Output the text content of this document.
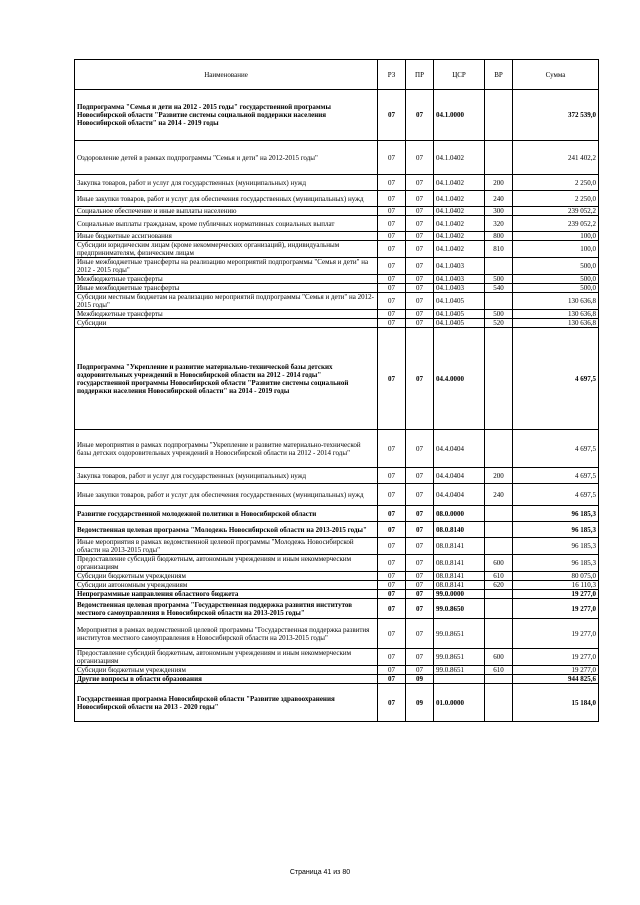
Наименование	РЗ	ПР	ЦСР	ВР	Сумма
Подпрограмма "Семья и дети на 2012 - 2015 годы" государственной программы Новосибирской области "Развитие системы социальной поддержки населения Новосибирской области" на 2014 - 2019 годы	07	07	04.1.0000		372 539,0
Оздоровление детей в рамках подпрограммы "Семья и дети" на 2012-2015 годы"	07	07	04.1.0402		241 402,2
Закупка товаров, работ и услуг для государственных (муниципальных) нужд	07	07	04.1.0402	200	2 250,0
Иные закупки товаров, работ и услуг для обеспечения государственных (муниципальных) нужд	07	07	04.1.0402	240	2 250,0
Социальное обеспечение и иные выплаты населению	07	07	04.1.0402	300	239 052,2
Социальные выплаты гражданам, кроме публичных нормативных социальных выплат	07	07	04.1.0402	320	239 052,2
Иные бюджетные ассигнования	07	07	04.1.0402	800	100,0
Субсидии юридическим лицам (кроме некоммерческих организаций), индивидуальным предпринимателям, физическим лицам	07	07	04.1.0402	810	100,0
Иные межбюджетные трансферты на реализацию мероприятий подпрограммы "Семья и дети" на 2012 - 2015 годы"	07	07	04.1.0403		500,0
Межбюджетные трансферты	07	07	04.1.0403	500	500,0
Иные межбюджетные трансферты	07	07	04.1.0403	540	500,0
Субсидии местным бюджетам на реализацию мероприятий подпрограммы "Семья и дети" на 2012-2015 годы"	07	07	04.1.0405		130 636,8
Межбюджетные трансферты	07	07	04.1.0405	500	130 636,8
Субсидии	07	07	04.1.0405	520	130 636,8
Подпрограмма "Укрепление и развитие материально-технической базы детских оздоровительных учреждений в Новосибирской области на 2012 - 2014 годы" государственной программы Новосибирской области "Развитие системы социальной поддержки населения Новосибирской области" на 2014 - 2019 годы	07	07	04.4.0000		4 697,5
Иные мероприятия в рамках подпрограммы "Укрепление и развитие материально-технической базы детских оздоровительных учреждений в Новосибирской области на 2012 - 2014 годы"	07	07	04.4.0404		4 697,5
Закупка товаров, работ и услуг для государственных (муниципальных) нужд	07	07	04.4.0404	200	4 697,5
Иные закупки товаров, работ и услуг для обеспечения государственных (муниципальных) нужд	07	07	04.4.0404	240	4 697,5
Развитие государственной молодежной политики в Новосибирской области	07	07	08.0.0000		96 185,3
Ведомственная целевая программа "Молодежь Новосибирской области на 2013-2015 годы"	07	07	08.0.8140		96 185,3
Иные мероприятия в рамках ведомственной целевой программы "Молодежь Новосибирской области на 2013-2015 годы"	07	07	08.0.8141		96 185,3
Предоставление субсидий бюджетным, автономным учреждениям и иным некоммерческим организациям	07	07	08.0.8141	600	96 185,3
Субсидии бюджетным учреждениям	07	07	08.0.8141	610	80 075,0
Субсидии автономным учреждениям	07	07	08.0.8141	620	16 110,3
Непрограммные направления областного бюджета	07	07	99.0.0000		19 277,0
Ведомственная целевая программа "Государственная поддержка развития институтов местного самоуправления в Новосибирской области на 2013-2015 годы"	07	07	99.0.8650		19 277,0
Мероприятия в рамках ведомственной целевой программы "Государственная поддержка развития институтов местного самоуправления в Новосибирской области на 2013-2015 годы"	07	07	99.0.8651		19 277,0
Предоставление субсидий бюджетным, автономным учреждениям и иным некоммерческим организациям	07	07	99.0.8651	600	19 277,0
Субсидии бюджетным учреждениям	07	07	99.0.8651	610	19 277,0
Другие вопросы в области образования	07	09			944 825,6
Государственная программа Новосибирской области "Развитие здравоохранения Новосибирской области на 2013 - 2020 годы"	07	09	01.0.0000		15 184,0
Страница 41 из 80
